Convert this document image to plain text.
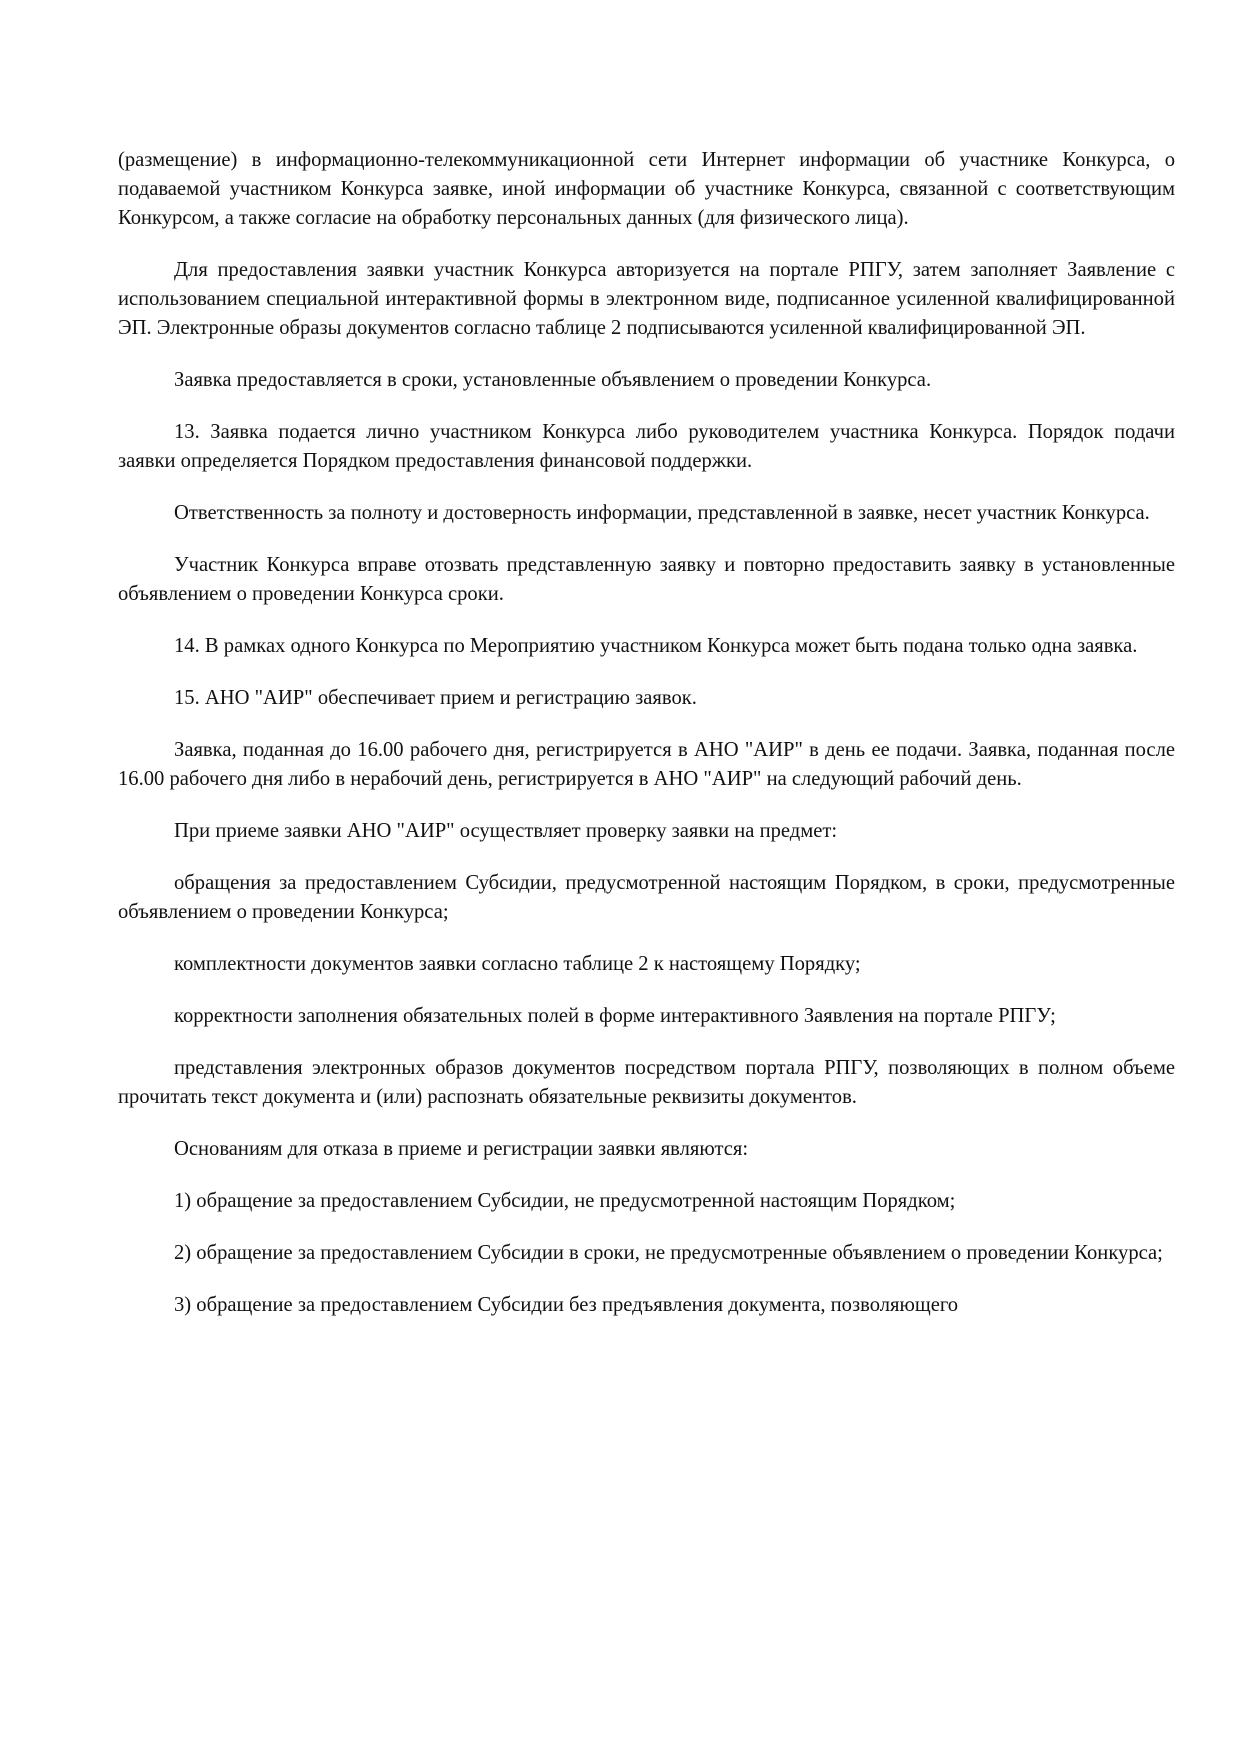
(размещение) в информационно-телекоммуникационной сети Интернет информации об участнике Конкурса, о подаваемой участником Конкурса заявке, иной информации об участнике Конкурса, связанной с соответствующим Конкурсом, а также согласие на обработку персональных данных (для физического лица).

Для предоставления заявки участник Конкурса авторизуется на портале РПГУ, затем заполняет Заявление с использованием специальной интерактивной формы в электронном виде, подписанное усиленной квалифицированной ЭП. Электронные образы документов согласно таблице 2 подписываются усиленной квалифицированной ЭП.

Заявка предоставляется в сроки, установленные объявлением о проведении Конкурса.

13. Заявка подается лично участником Конкурса либо руководителем участника Конкурса. Порядок подачи заявки определяется Порядком предоставления финансовой поддержки.

Ответственность за полноту и достоверность информации, представленной в заявке, несет участник Конкурса.

Участник Конкурса вправе отозвать представленную заявку и повторно предоставить заявку в установленные объявлением о проведении Конкурса сроки.

14. В рамках одного Конкурса по Мероприятию участником Конкурса может быть подана только одна заявка.

15. АНО "АИР" обеспечивает прием и регистрацию заявок.

Заявка, поданная до 16.00 рабочего дня, регистрируется в АНО "АИР" в день ее подачи. Заявка, поданная после 16.00 рабочего дня либо в нерабочий день, регистрируется в АНО "АИР" на следующий рабочий день.

При приеме заявки АНО "АИР" осуществляет проверку заявки на предмет:

обращения за предоставлением Субсидии, предусмотренной настоящим Порядком, в сроки, предусмотренные объявлением о проведении Конкурса;

комплектности документов заявки согласно таблице 2 к настоящему Порядку;

корректности заполнения обязательных полей в форме интерактивного Заявления на портале РПГУ;

представления электронных образов документов посредством портала РПГУ, позволяющих в полном объеме прочитать текст документа и (или) распознать обязательные реквизиты документов.

Основаниям для отказа в приеме и регистрации заявки являются:

1) обращение за предоставлением Субсидии, не предусмотренной настоящим Порядком;

2) обращение за предоставлением Субсидии в сроки, не предусмотренные объявлением о проведении Конкурса;

3) обращение за предоставлением Субсидии без предъявления документа, позволяющего
